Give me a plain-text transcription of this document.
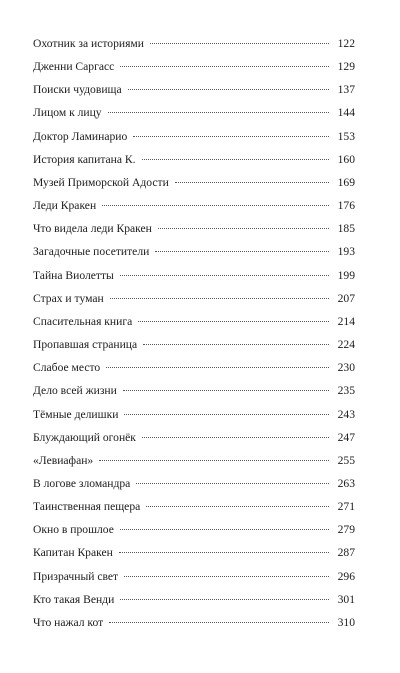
Охотник за историями	122
Дженни Саргасс	129
Поиски чудовища	137
Лицом к лицу	144
Доктор Ламинарио	153
История капитана К.	160
Музей Приморской Адости	169
Леди Кракен	176
Что видела леди Кракен	185
Загадочные посетители	193
Тайна Виолетты	199
Страх и туман	207
Спасительная книга	214
Пропавшая страница	224
Слабое место	230
Дело всей жизни	235
Тёмные делишки	243
Блуждающий огонёк	247
«Левиафан»	255
В логове зломандра	263
Таинственная пещера	271
Окно в прошлое	279
Капитан Кракен	287
Призрачный свет	296
Кто такая Венди	301
Что нажал кот	310
